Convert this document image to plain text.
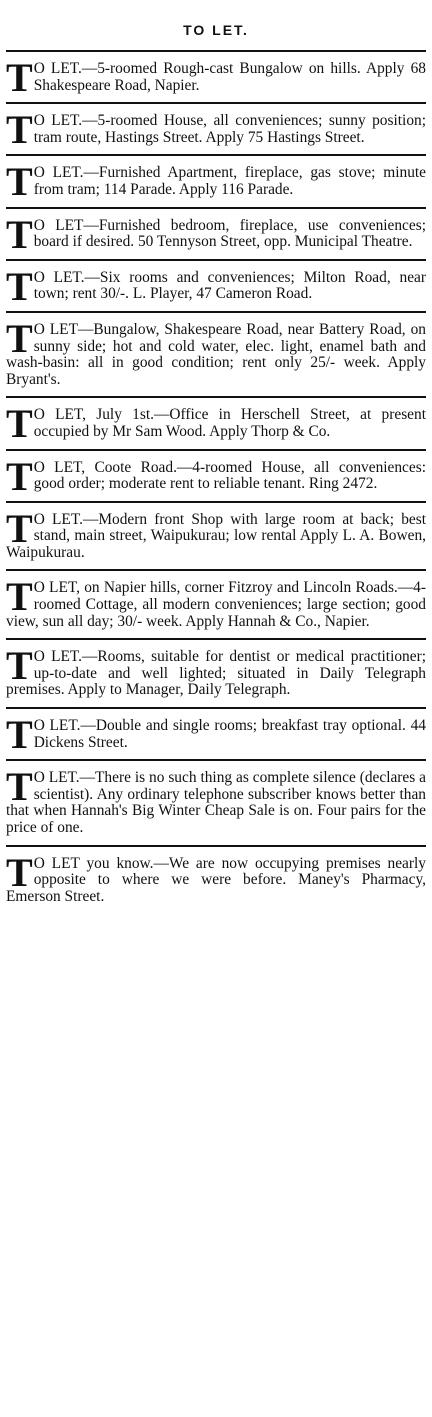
TO LET.
T O LET.—5-roomed Rough-cast Bungalow on hills. Apply 68 Shakespeare Road, Napier.
T O LET.—5-roomed House, all conveniences; sunny position; tram route, Hastings Street. Apply 75 Hastings Street.
T O LET.—Furnished Apartment, fireplace, gas stove; minute from tram; 114 Parade. Apply 116 Parade.
T O LET—Furnished bedroom, fireplace, use conveniences; board if desired. 50 Tennyson Street, opp. Municipal Theatre.
T O LET.—Six rooms and conveniences; Milton Road, near town; rent 30/-. L. Player, 47 Cameron Road.
T O LET—Bungalow, Shakespeare Road, near Battery Road, on sunny side; hot and cold water, elec. light, enamel bath and wash-basin: all in good condition; rent only 25/- week. Apply Bryant's.
T O LET, July 1st.—Office in Herschell Street, at present occupied by Mr Sam Wood. Apply Thorp & Co.
T O LET, Coote Road.—4-roomed House, all conveniences: good order; moderate rent to reliable tenant. Ring 2472.
T O LET.—Modern front Shop with large room at back; best stand, main street, Waipukurau; low rental Apply L. A. Bowen, Waipukurau.
T O LET, on Napier hills, corner Fitzroy and Lincoln Roads.—4-roomed Cottage, all modern conveniences; large section; good view, sun all day; 30/- week. Apply Hannah & Co., Napier.
T O LET.—Rooms, suitable for dentist or medical practitioner; up-to-date and well lighted; situated in Daily Telegraph premises. Apply to Manager, Daily Telegraph.
T O LET.—Double and single rooms; breakfast tray optional. 44 Dickens Street.
T O LET.—There is no such thing as complete silence (declares a scientist). Any ordinary telephone subscriber knows better than that when Hannah's Big Winter Cheap Sale is on. Four pairs for the price of one.
T O LET you know.—We are now occupying premises nearly opposite to where we were before. Maney's Pharmacy, Emerson Street.
